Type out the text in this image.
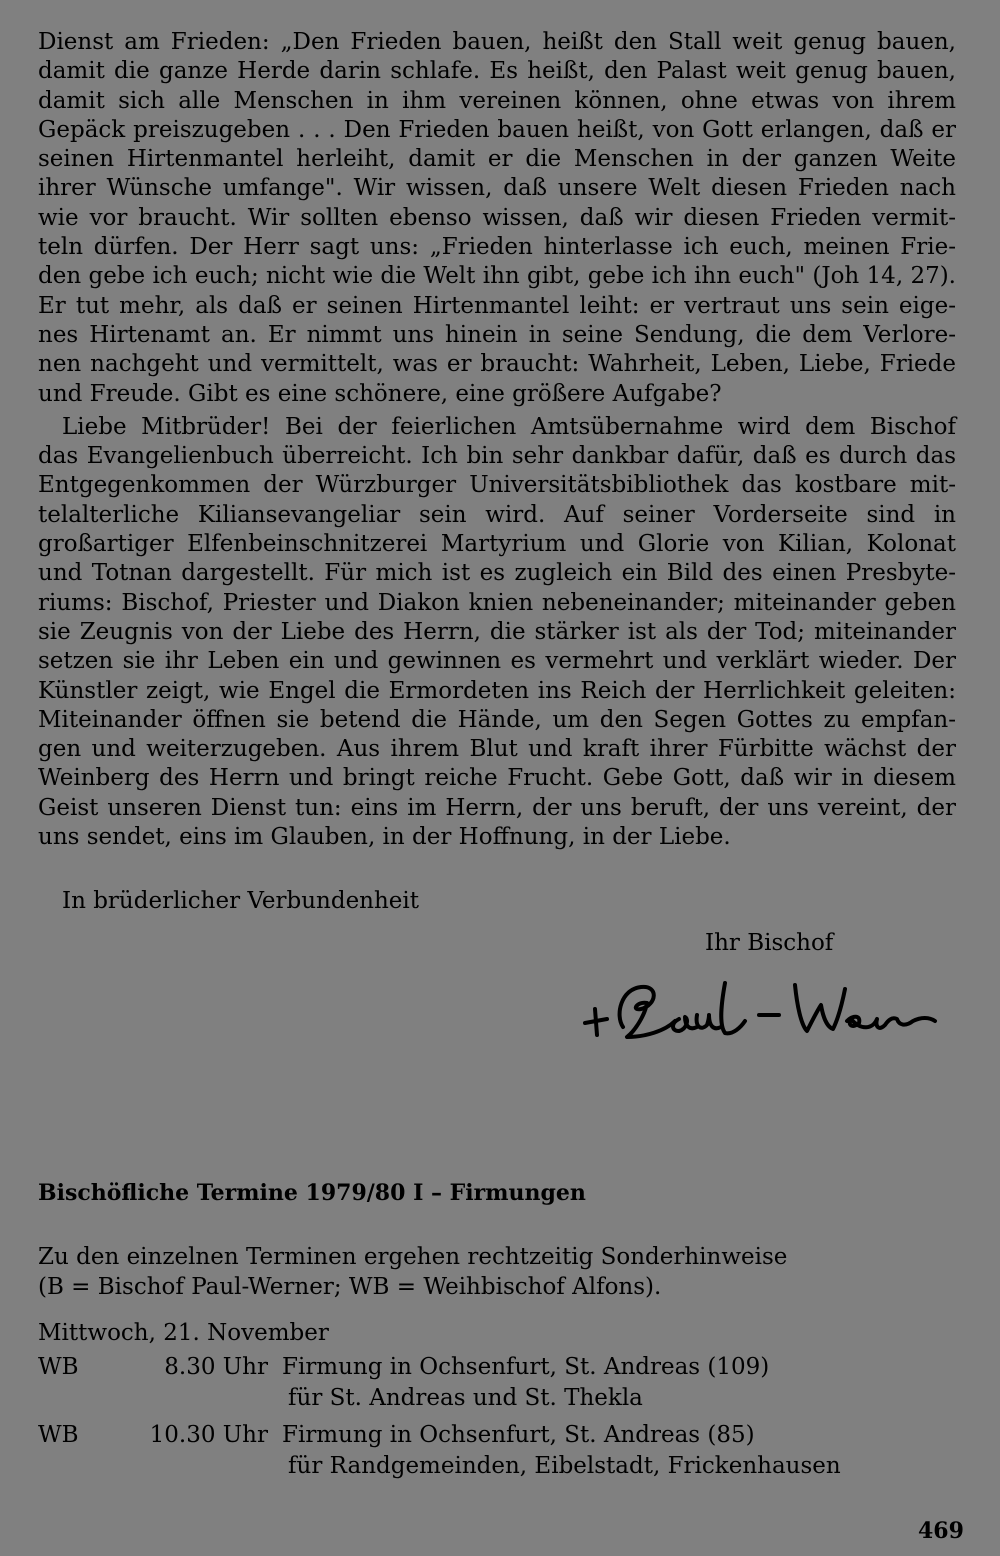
Dienst am Frieden: „Den Frieden bauen, heißt den Stall weit genug bauen,
damit die ganze Herde darin schlafe. Es heißt, den Palast weit genug bauen,
damit sich alle Menschen in ihm vereinen können, ohne etwas von ihrem
Gepäck preiszugeben . . . Den Frieden bauen heißt, von Gott erlangen, daß er
seinen Hirtenmantel herleiht, damit er die Menschen in der ganzen Weite
ihrer Wünsche umfange". Wir wissen, daß unsere Welt diesen Frieden nach
wie vor braucht. Wir sollten ebenso wissen, daß wir diesen Frieden vermit-
teln dürfen. Der Herr sagt uns: „Frieden hinterlasse ich euch, meinen Frie-
den gebe ich euch; nicht wie die Welt ihn gibt, gebe ich ihn euch" (Joh 14, 27).
Er tut mehr, als daß er seinen Hirtenmantel leiht: er vertraut uns sein eige-
nes Hirtenamt an. Er nimmt uns hinein in seine Sendung, die dem Verlore-
nen nachgeht und vermittelt, was er braucht: Wahrheit, Leben, Liebe, Friede
und Freude. Gibt es eine schönere, eine größere Aufgabe?
Liebe Mitbrüder! Bei der feierlichen Amtsübernahme wird dem Bischof
das Evangelienbuch überreicht. Ich bin sehr dankbar dafür, daß es durch das
Entgegenkommen der Würzburger Universitätsbibliothek das kostbare mit-
telalterliche Kiliansevangeliar sein wird. Auf seiner Vorderseite sind in
großartiger Elfenbeinschnitzerei Martyrium und Glorie von Kilian, Kolonat
und Totnan dargestellt. Für mich ist es zugleich ein Bild des einen Presbyte-
riums: Bischof, Priester und Diakon knien nebeneinander; miteinander geben
sie Zeugnis von der Liebe des Herrn, die stärker ist als der Tod; miteinander
setzen sie ihr Leben ein und gewinnen es vermehrt und verklärt wieder. Der
Künstler zeigt, wie Engel die Ermordeten ins Reich der Herrlichkeit geleiten:
Miteinander öffnen sie betend die Hände, um den Segen Gottes zu empfan-
gen und weiterzugeben. Aus ihrem Blut und kraft ihrer Fürbitte wächst der
Weinberg des Herrn und bringt reiche Frucht. Gebe Gott, daß wir in diesem
Geist unseren Dienst tun: eins im Herrn, der uns beruft, der uns vereint, der
uns sendet, eins im Glauben, in der Hoffnung, in der Liebe.
In brüderlicher Verbundenheit
Ihr Bischof
Bischöfliche Termine 1979/80 I – Firmungen
Zu den einzelnen Terminen ergehen rechtzeitig Sonderhinweise
(B = Bischof Paul-Werner; WB = Weihbischof Alfons).
Mittwoch, 21. November
WB	8.30 Uhr Firmung in Ochsenfurt, St. Andreas (109)
für St. Andreas und St. Thekla
WB	10.30 Uhr Firmung in Ochsenfurt, St. Andreas (85)
für Randgemeinden, Eibelstadt, Frickenhausen
469
